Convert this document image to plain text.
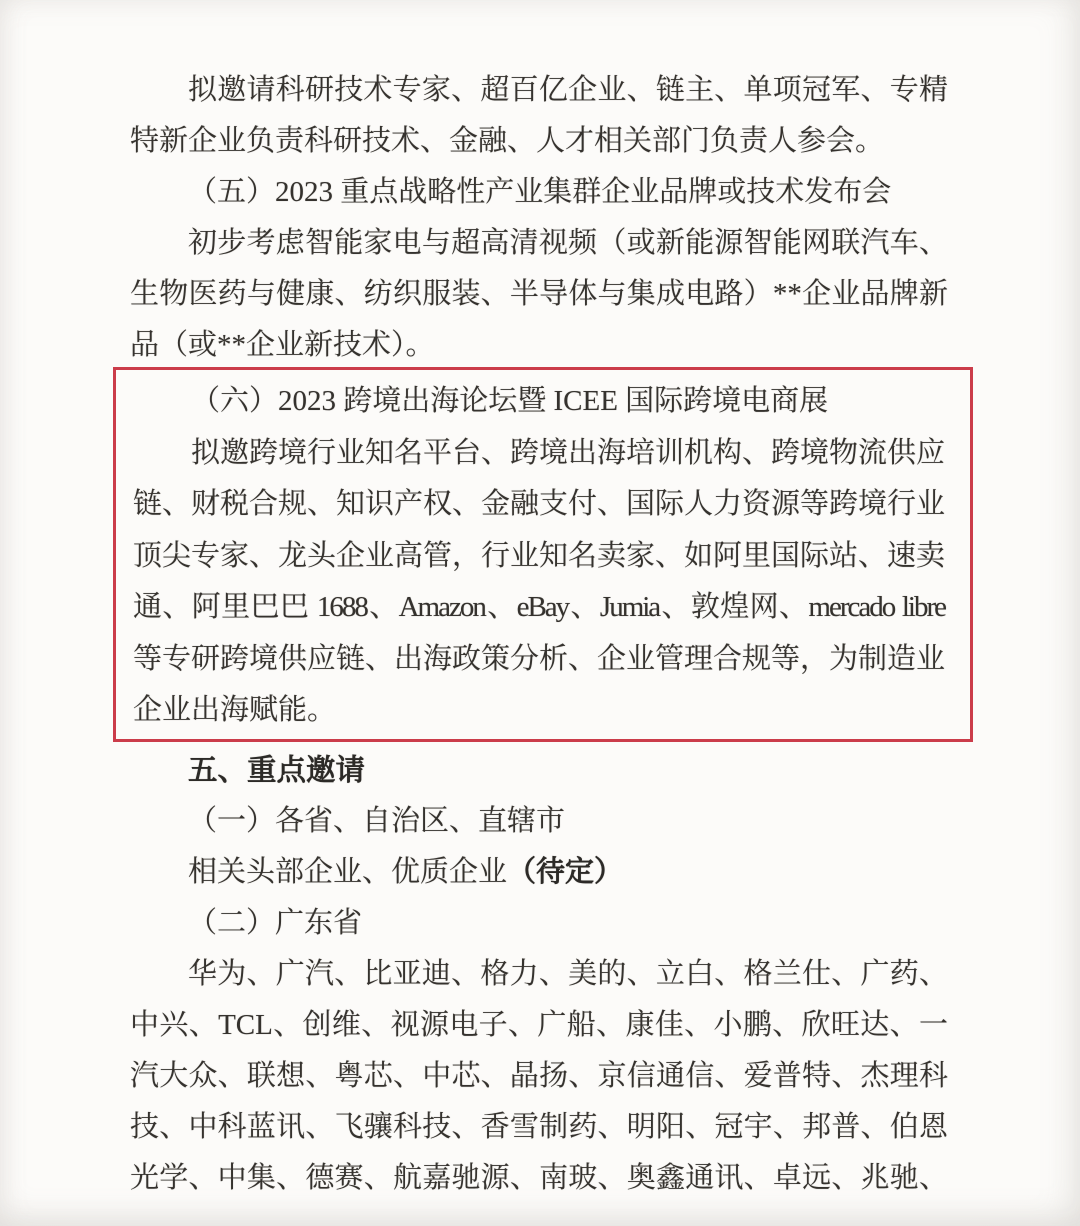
拟邀请科研技术专家、超百亿企业、链主、单项冠军、专精

特新企业负责科研技术、金融、人才相关部门负责人参会。

（五）2023 重点战略性产业集群企业品牌或技术发布会

初步考虑智能家电与超高清视频（或新能源智能网联汽车、

生物医药与健康、纺织服装、半导体与集成电路）**企业品牌新

品（或**企业新技术）。

（六）2023 跨境出海论坛暨 ICEE 国际跨境电商展

拟邀跨境行业知名平台、跨境出海培训机构、跨境物流供应

链、财税合规、知识产权、金融支付、国际人力资源等跨境行业

顶尖专家、龙头企业高管，行业知名卖家、如阿里国际站、速卖

通、阿里巴巴 1688、Amazon、eBay、Jumia、敦煌网、mercado libre

等专研跨境供应链、出海政策分析、企业管理合规等，为制造业

企业出海赋能。

五、重点邀请

（一）各省、自治区、直辖市

相关头部企业、优质企业（待定）

（二）广东省

华为、广汽、比亚迪、格力、美的、立白、格兰仕、广药、

中兴、TCL、创维、视源电子、广船、康佳、小鹏、欣旺达、一

汽大众、联想、粤芯、中芯、晶扬、京信通信、爱普特、杰理科

技、中科蓝讯、飞骧科技、香雪制药、明阳、冠宇、邦普、伯恩

光学、中集、德赛、航嘉驰源、南玻、奥鑫通讯、卓远、兆驰、
